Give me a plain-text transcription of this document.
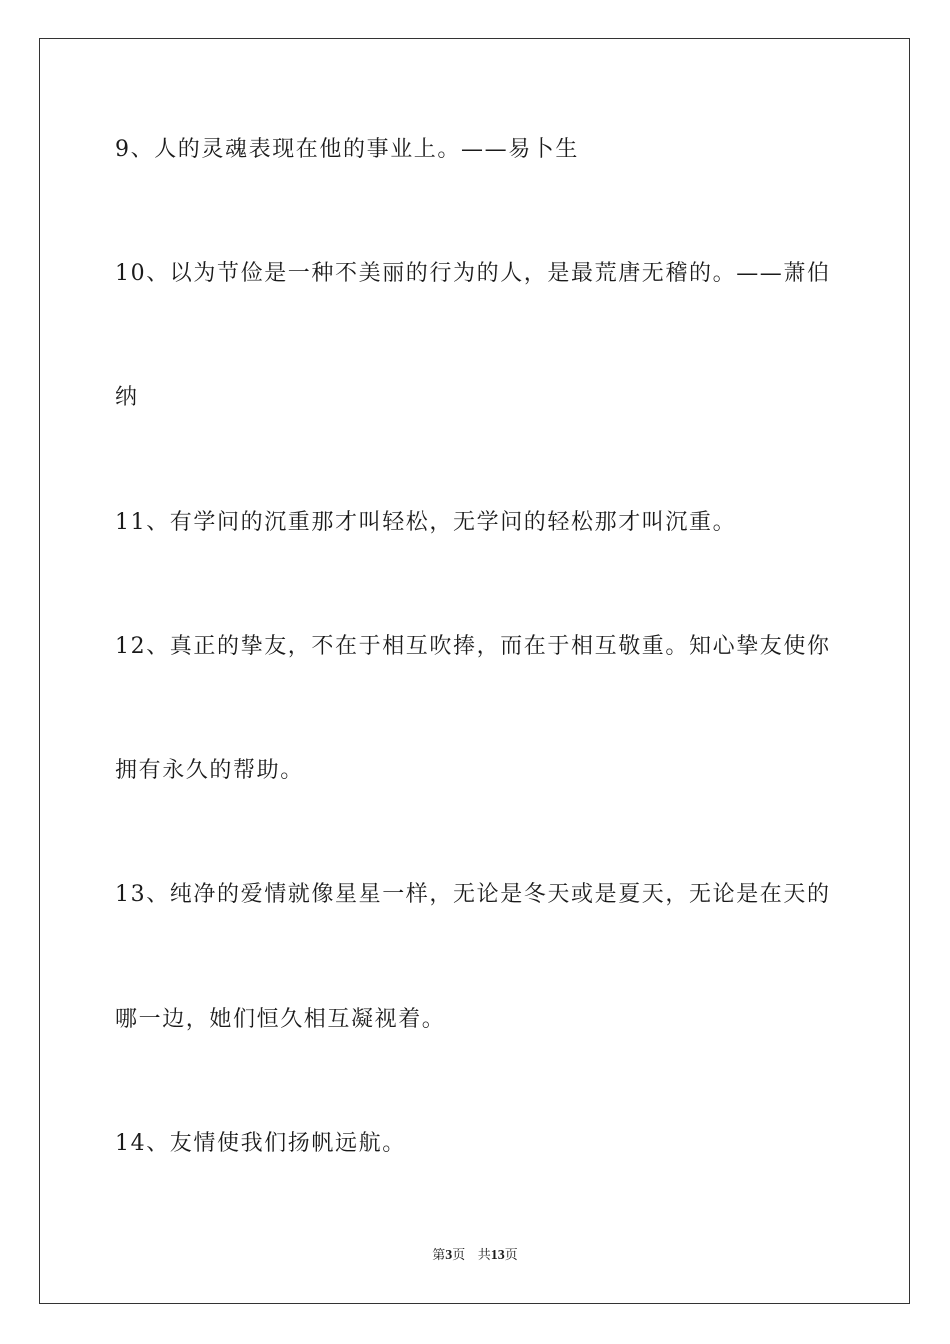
9、人的灵魂表现在他的事业上。——易卜生
10、以为节俭是一种不美丽的行为的人，是最荒唐无稽的。——萧伯
纳
11、有学问的沉重那才叫轻松，无学问的轻松那才叫沉重。
12、真正的挚友，不在于相互吹捧，而在于相互敬重。知心挚友使你
拥有永久的帮助。
13、纯净的爱情就像星星一样，无论是冬天或是夏天，无论是在天的
哪一边，她们恒久相互凝视着。
14、友情使我们扬帆远航。
第3页 共13页
